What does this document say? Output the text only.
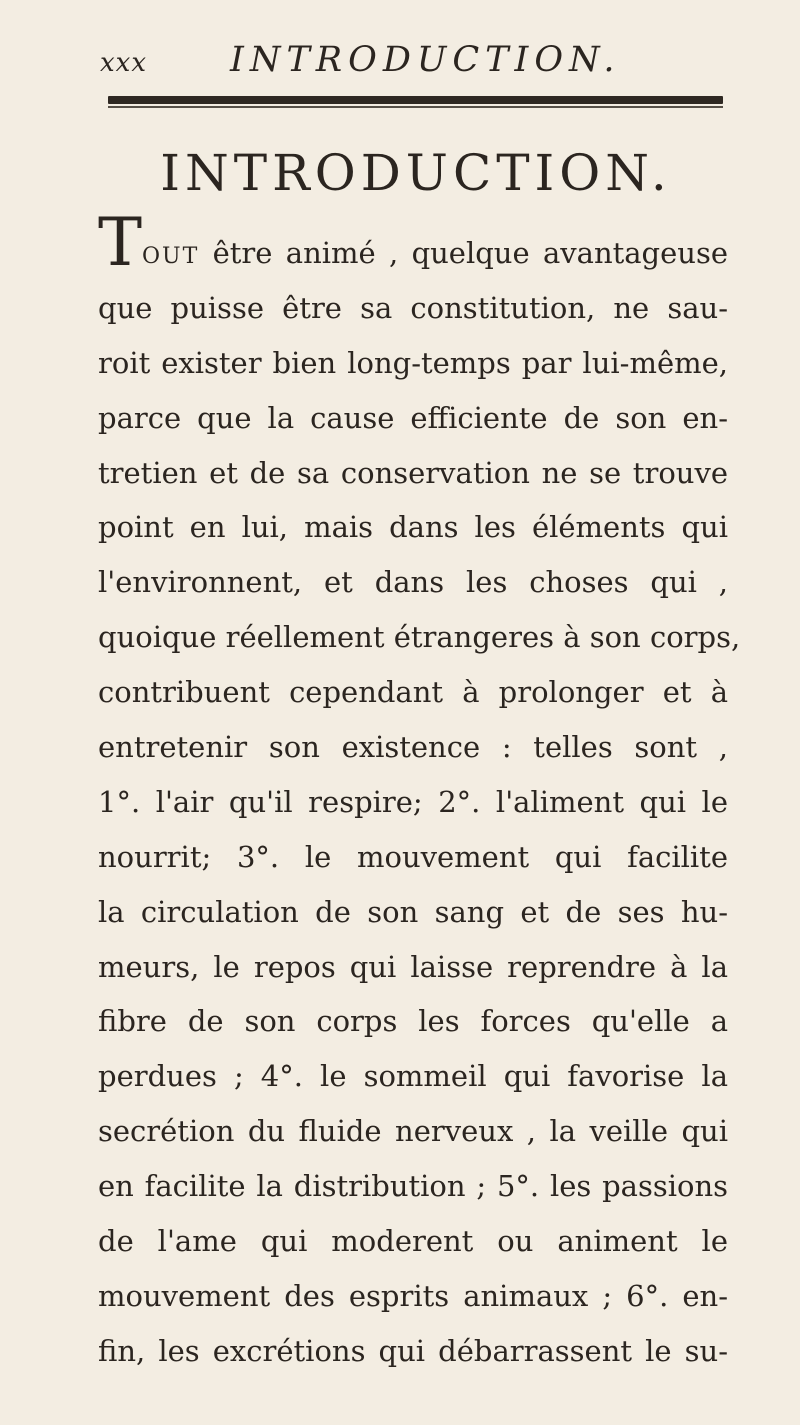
xxx INTRODUCTION.
INTRODUCTION.
T OUT être animé , quelque avantageuse
que puisse être sa constitution, ne sau-
roit exister bien long-temps par lui-même,
parce que la cause efficiente de son en-
tretien et de sa conservation ne se trouve
point en lui, mais dans les éléments qui
l'environnent, et dans les choses qui ,
quoique réellement étrangeres à son corps,
contribuent cependant à prolonger et à
entretenir son existence : telles sont ,
1°. l'air qu'il respire; 2°. l'aliment qui le
nourrit; 3°. le mouvement qui facilite
la circulation de son sang et de ses hu-
meurs, le repos qui laisse reprendre à la
fibre de son corps les forces qu'elle a
perdues ; 4°. le sommeil qui favorise la
secrétion du fluide nerveux , la veille qui
en facilite la distribution ; 5°. les passions
de l'ame qui moderent ou animent le
mouvement des esprits animaux ; 6°. en-
fin, les excrétions qui débarrassent le su-
